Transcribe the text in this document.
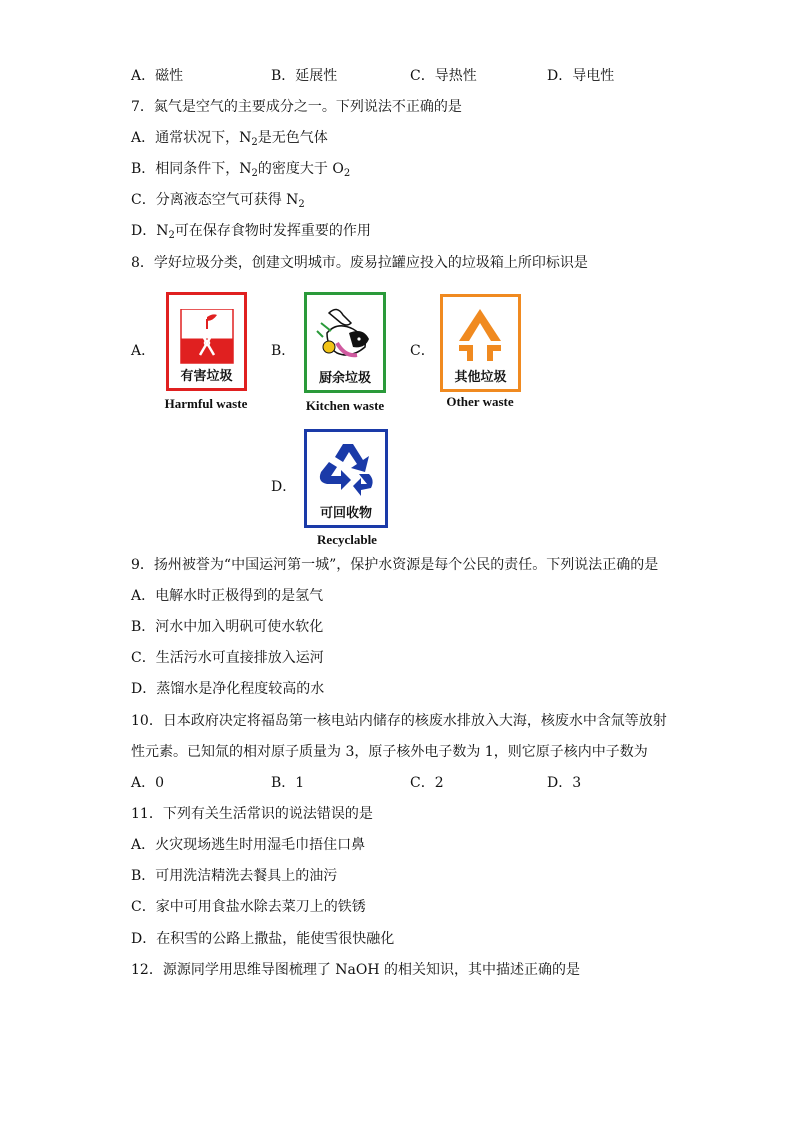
A．磁性	B．延展性	C．导热性	D．导电性
7．氮气是空气的主要成分之一。下列说法不正确的是
A．通常状况下，$N_2$是无色气体
B．相同条件下，$N_2$的密度大于 $O_2$
C．分离液态空气可获得 $N_2$
D．$N_2$可在保存食物时发挥重要的作用
8．学好垃圾分类，创建文明城市。废易拉罐应投入的垃圾箱上所印标识是
A．
有害垃圾
Harmful waste
B．
厨余垃圾
Kitchen waste
C．
其他垃圾
Other waste
D．
可回收物
Recyclable
9．扬州被誉为“中国运河第一城”，保护水资源是每个公民的责任。下列说法正确的是
A．电解水时正极得到的是氢气
B．河水中加入明矾可使水软化
C．生活污水可直接排放入运河
D．蒸馏水是净化程度较高的水
10．日本政府决定将福岛第一核电站内储存的核废水排放入大海，核废水中含氚等放射
性元素。已知氚的相对原子质量为 3，原子核外电子数为 1，则它原子核内中子数为
A．0	B．1	C．2	D．3
11．下列有关生活常识的说法错误的是
A．火灾现场逃生时用湿毛巾捂住口鼻
B．可用洗洁精洗去餐具上的油污
C．家中可用食盐水除去菜刀上的铁锈
D．在积雪的公路上撒盐，能使雪很快融化
12．源源同学用思维导图梳理了 NaOH 的相关知识，其中描述正确的是
